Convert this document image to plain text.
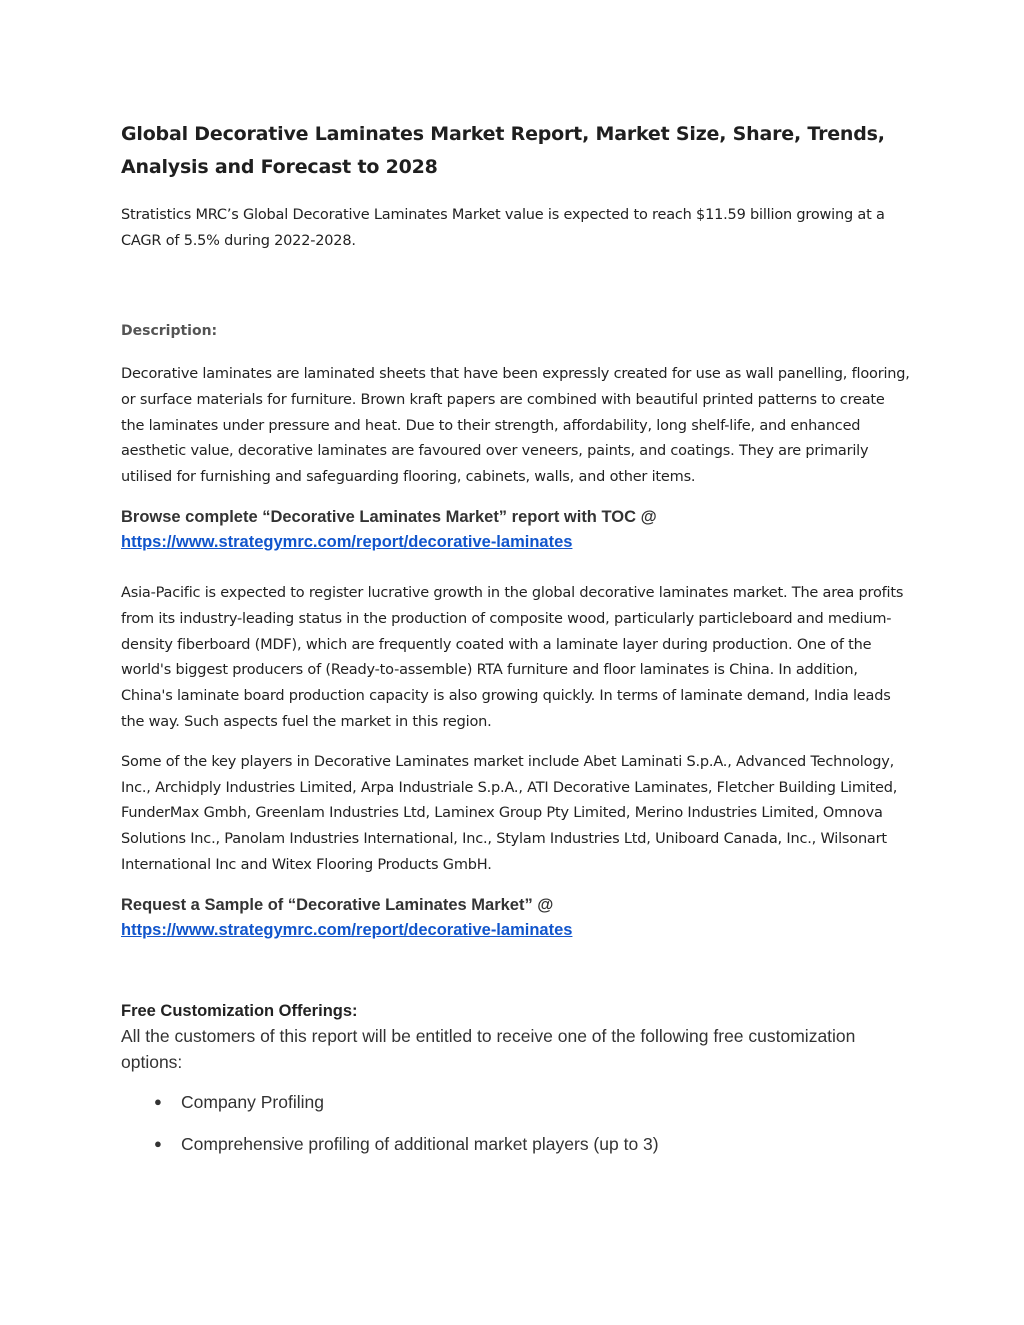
Global Decorative Laminates Market Report, Market Size, Share, Trends, Analysis and Forecast to 2028

Stratistics MRC’s Global Decorative Laminates Market value is expected to reach $11.59 billion growing at a CAGR of 5.5% during 2022-2028.

Description:

Decorative laminates are laminated sheets that have been expressly created for use as wall panelling, flooring, or surface materials for furniture. Brown kraft papers are combined with beautiful printed patterns to create the laminates under pressure and heat. Due to their strength, affordability, long shelf-life, and enhanced aesthetic value, decorative laminates are favoured over veneers, paints, and coatings. They are primarily utilised for furnishing and safeguarding flooring, cabinets, walls, and other items.

Browse complete “Decorative Laminates Market” report with TOC @
https://www.strategymrc.com/report/decorative-laminates

Asia-Pacific is expected to register lucrative growth in the global decorative laminates market. The area profits from its industry-leading status in the production of composite wood, particularly particleboard and medium-density fiberboard (MDF), which are frequently coated with a laminate layer during production. One of the world's biggest producers of (Ready-to-assemble) RTA furniture and floor laminates is China. In addition, China's laminate board production capacity is also growing quickly. In terms of laminate demand, India leads the way. Such aspects fuel the market in this region.

Some of the key players in Decorative Laminates market include Abet Laminati S.p.A., Advanced Technology, Inc., Archidply Industries Limited, Arpa Industriale S.p.A., ATI Decorative Laminates, Fletcher Building Limited, FunderMax Gmbh, Greenlam Industries Ltd, Laminex Group Pty Limited, Merino Industries Limited, Omnova Solutions Inc., Panolam Industries International, Inc., Stylam Industries Ltd, Uniboard Canada, Inc., Wilsonart International Inc and Witex Flooring Products GmbH.

Request a Sample of “Decorative Laminates Market” @
https://www.strategymrc.com/report/decorative-laminates
Free Customization Offerings:

All the customers of this report will be entitled to receive one of the following free customization options:

● Company Profiling
● Comprehensive profiling of additional market players (up to 3)
